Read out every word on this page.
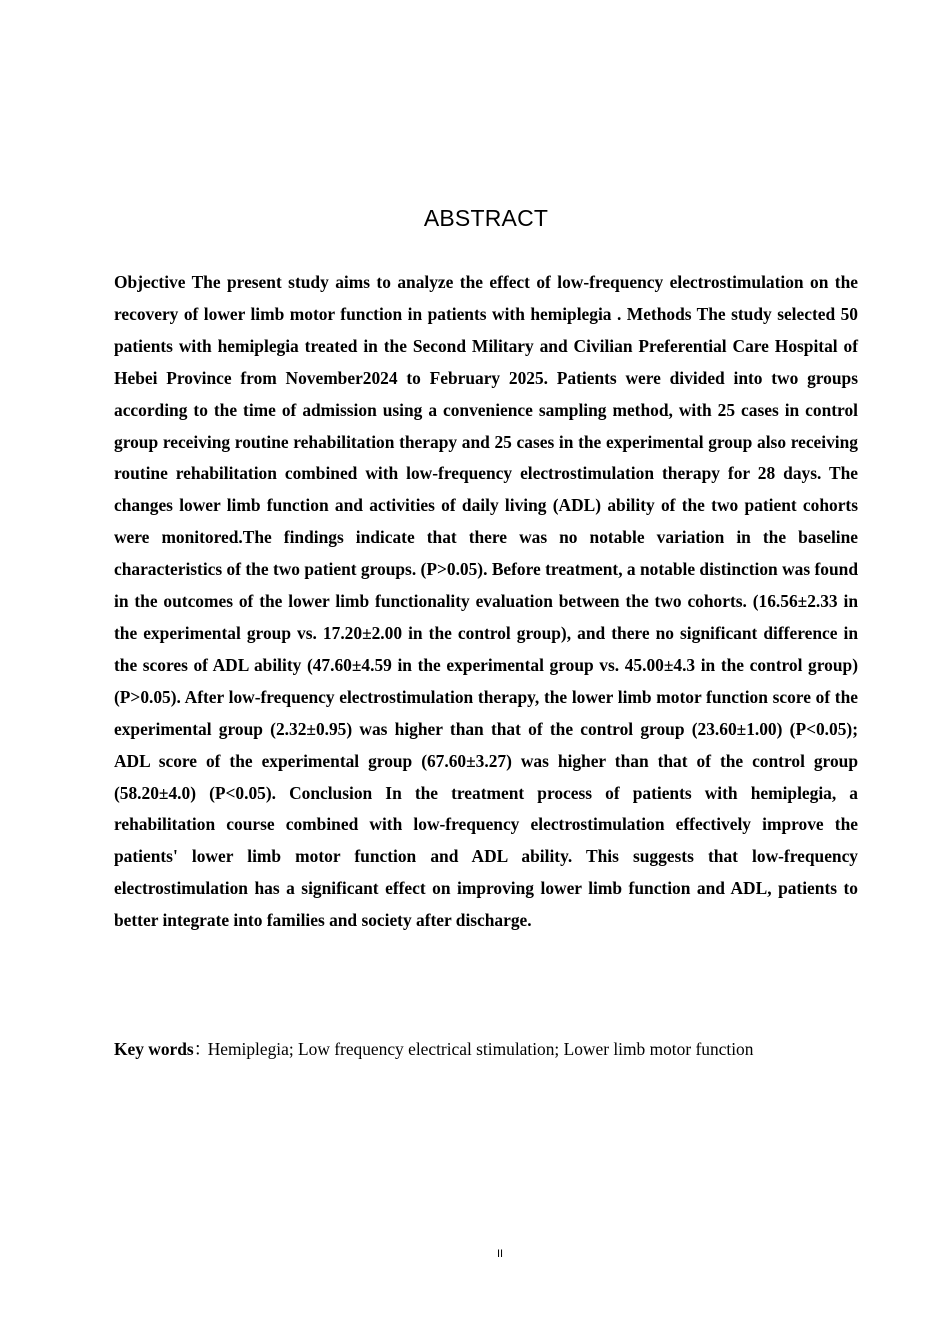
ABSTRACT

Objective The present study aims to analyze the effect of low-frequency electrostimulation on the recovery of lower limb motor function in patients with hemiplegia . Methods The study selected 50 patients with hemiplegia treated in the Second Military and Civilian Preferential Care Hospital of Hebei Province from November2024 to February 2025. Patients were divided into two groups according to the time of admission using a convenience sampling method, with 25 cases in control group receiving routine rehabilitation therapy and 25 cases in the experimental group also receiving routine rehabilitation combined with low-frequency electrostimulation therapy for 28 days. The changes lower limb function and activities of daily living (ADL) ability of the two patient cohorts were monitored.The findings indicate that there was no notable variation in the baseline characteristics of the two patient groups. (P>0.05). Before treatment, a notable distinction was found in the outcomes of the lower limb functionality evaluation between the two cohorts. (16.56±2.33 in the experimental group vs. 17.20±2.00 in the control group), and there no significant difference in the scores of ADL ability (47.60±4.59 in the experimental group vs. 45.00±4.3 in the control group) (P>0.05). After low-frequency electrostimulation therapy, the lower limb motor function score of the experimental group (2.32±0.95) was higher than that of the control group (23.60±1.00) (P<0.05); ADL score of the experimental group (67.60±3.27) was higher than that of the control group (58.20±4.0) (P<0.05). Conclusion In the treatment process of patients with hemiplegia, a rehabilitation course combined with low-frequency electrostimulation effectively improve the patients' lower limb motor function and ADL ability. This suggests that low-frequency electrostimulation has a significant effect on improving lower limb function and ADL, patients to better integrate into families and society after discharge.

Key words：Hemiplegia; Low frequency electrical stimulation; Lower limb motor function

II
